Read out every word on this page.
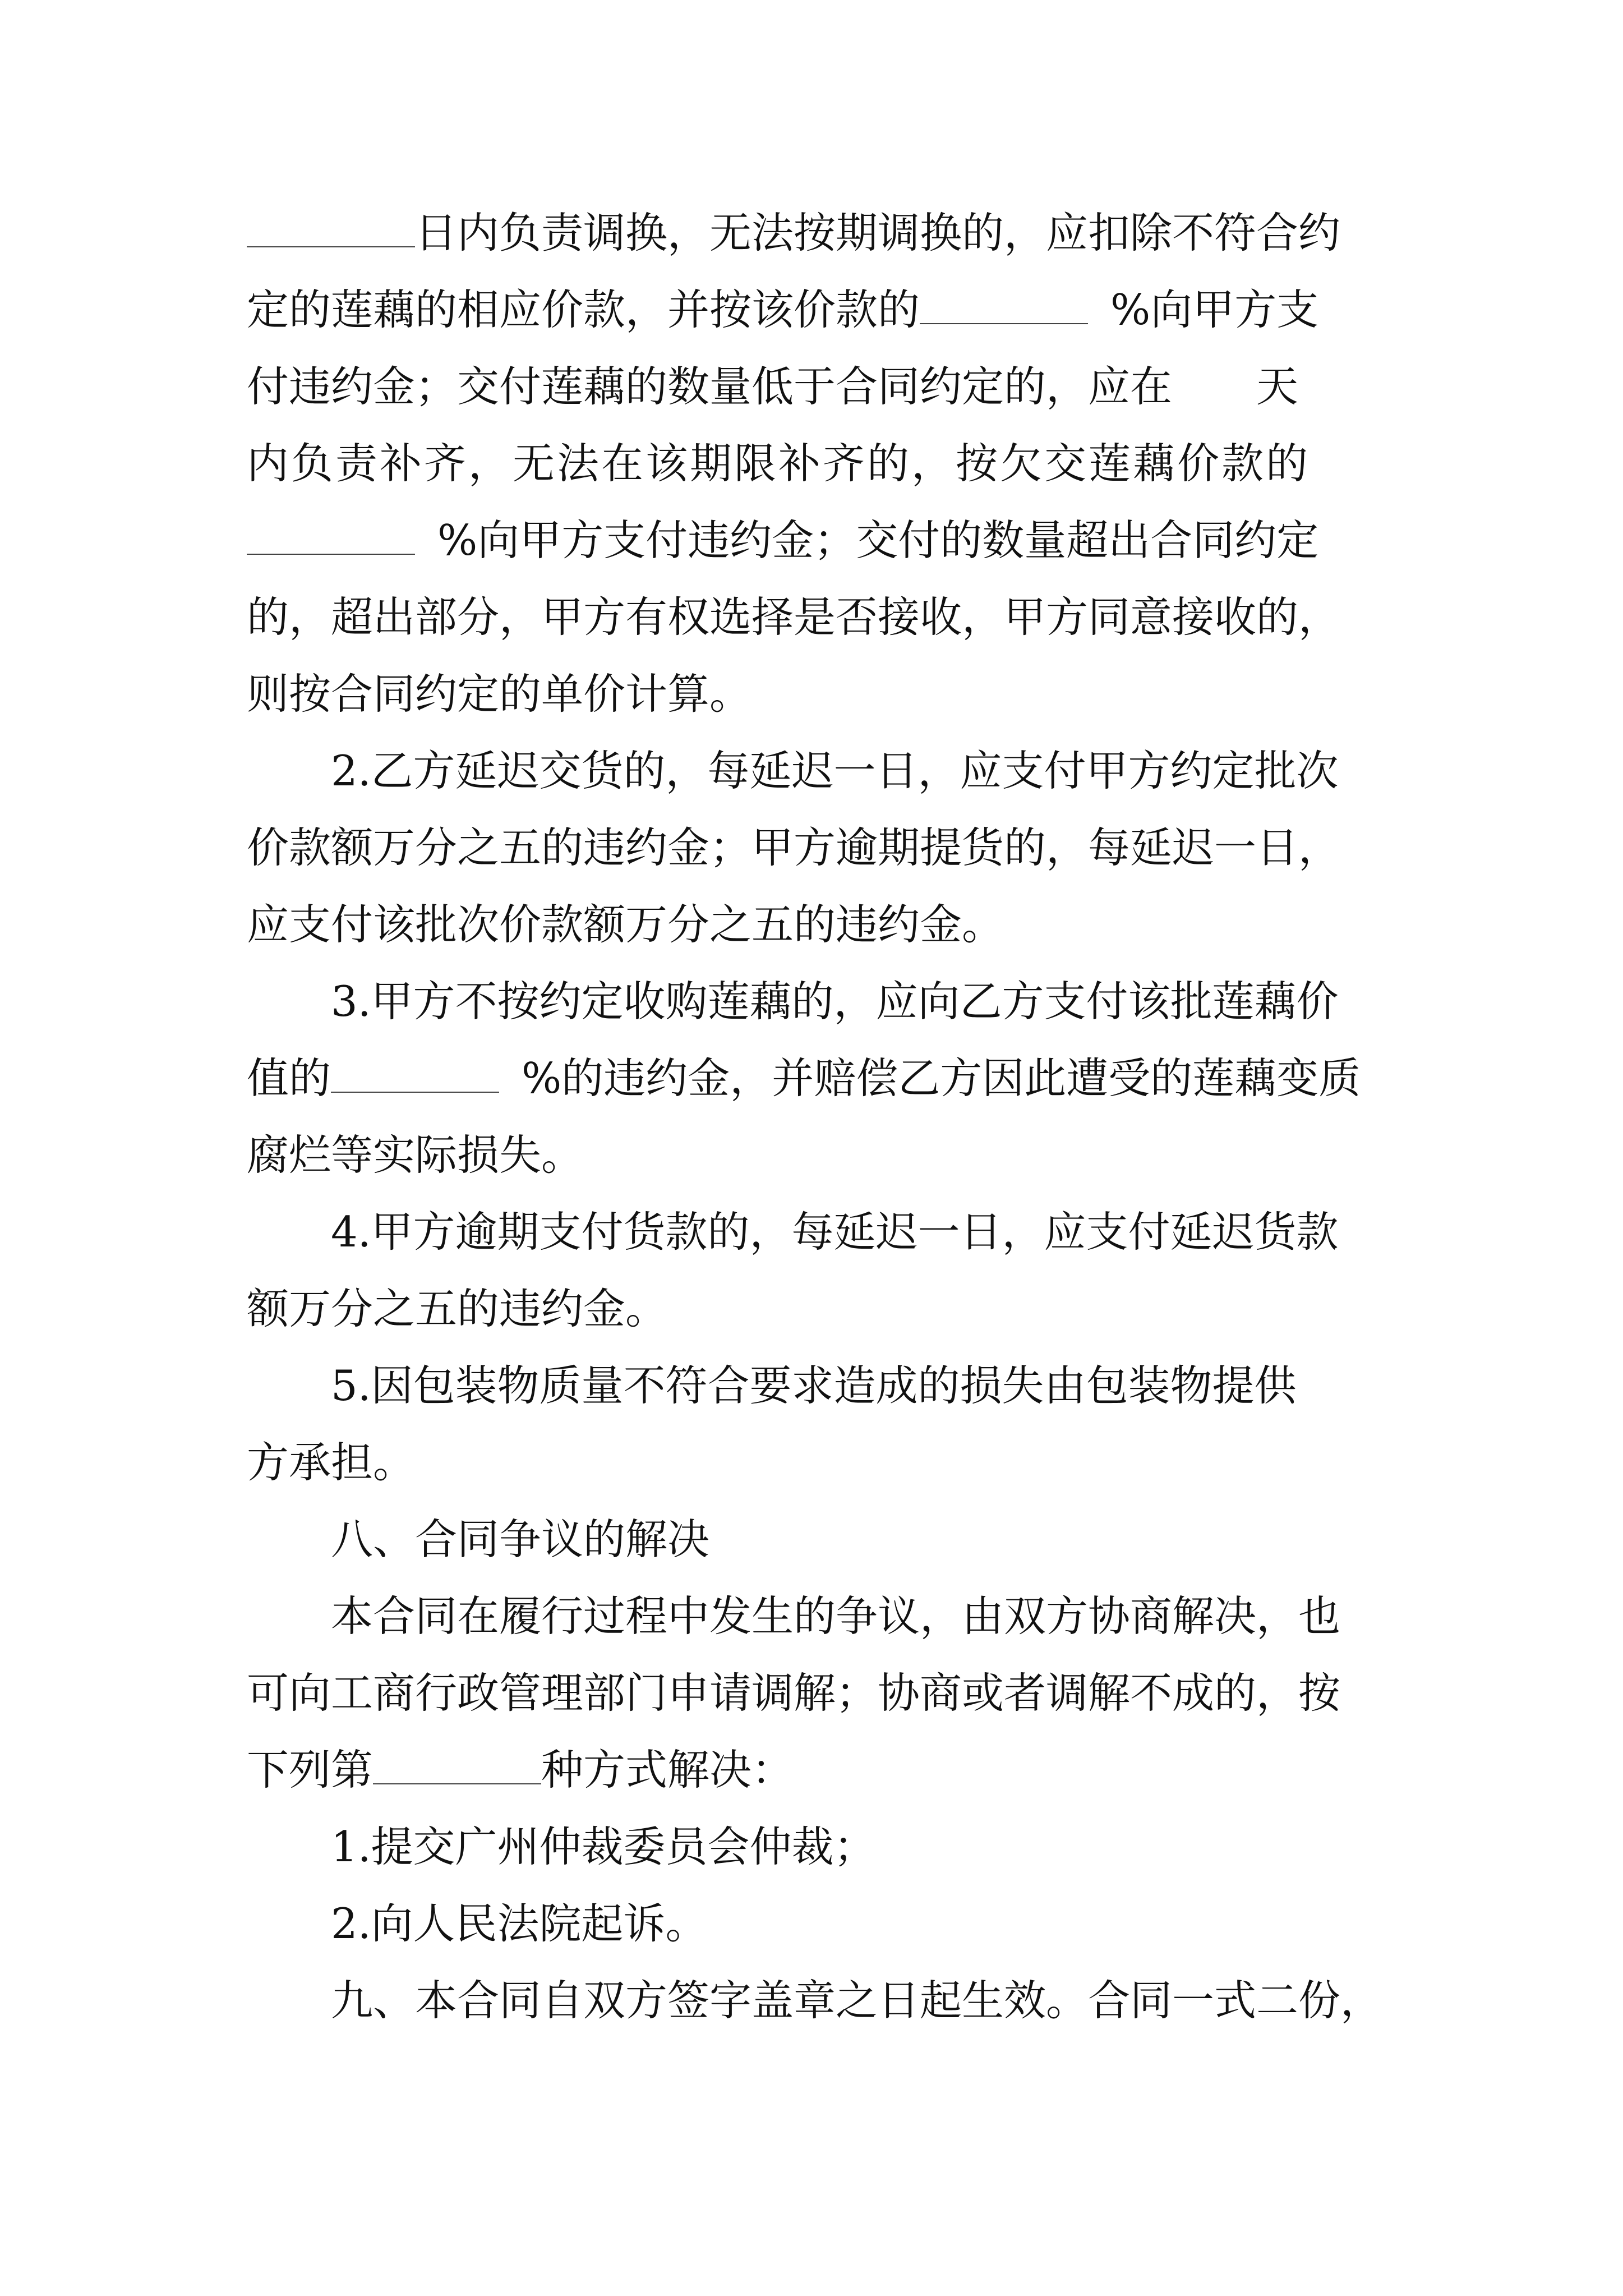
日内负责调换，无法按期调换的，应扣除不符合约
定的莲藕的相应价款，并按该价款的	%向甲方支
付违约金；交付莲藕的数量低于合同约定的，应在 天
内负责补齐，无法在该期限补齐的，按欠交莲藕价款的
%向甲方支付违约金；交付的数量超出合同约定
的，超出部分，甲方有权选择是否接收，甲方同意接收的，
则按合同约定的单价计算。
2.乙方延迟交货的，每延迟一日，应支付甲方约定批次
价款额万分之五的违约金；甲方逾期提货的，每延迟一日，
应支付该批次价款额万分之五的违约金。
3.甲方不按约定收购莲藕的，应向乙方支付该批莲藕价
值的	%的违约金，并赔偿乙方因此遭受的莲藕变质
腐烂等实际损失。
4.甲方逾期支付货款的，每延迟一日，应支付延迟货款
额万分之五的违约金。
5.因包装物质量不符合要求造成的损失由包装物提供
方承担。
八、合同争议的解决
本合同在履行过程中发生的争议，由双方协商解决，也
可向工商行政管理部门申请调解；协商或者调解不成的，按
下列第	种方式解决：
1.提交广州仲裁委员会仲裁；
2.向人民法院起诉。
九、本合同自双方签字盖章之日起生效。合同一式二份，
